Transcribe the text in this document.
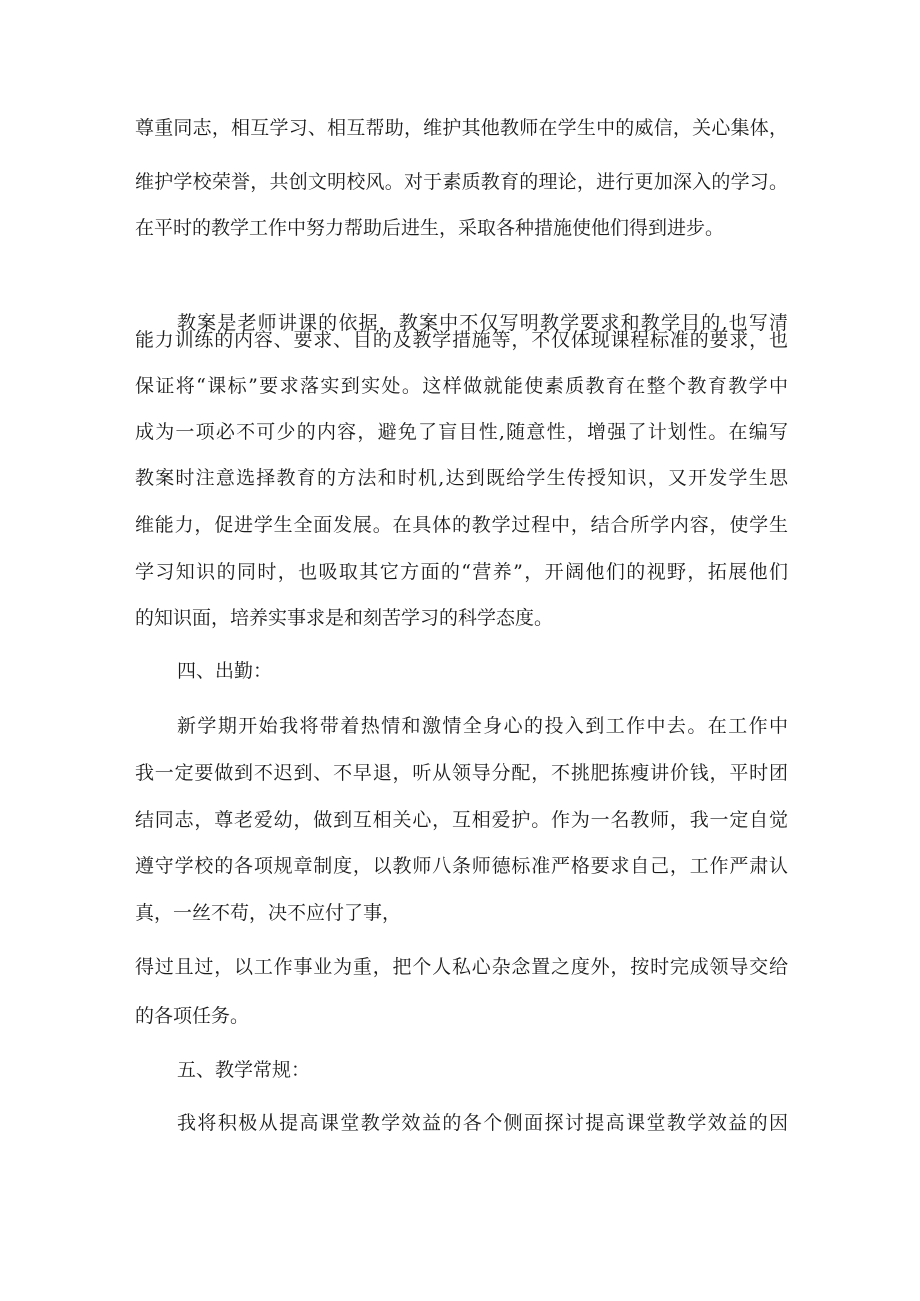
尊重同志，相互学习、相互帮助，维护其他教师在学生中的威信，关心集体，

维护学校荣誉，共创文明校风。对于素质教育的理论，进行更加深入的学习。

在平时的教学工作中努力帮助后进生，采取各种措施使他们得到进步。

教案是老师讲课的依据，教案中不仅写明教学要求和教学目的,也写清

能力训练的内容、要求、目的及教学措施等，不仅体现课程标准的要求，也

保证将“课标”要求落实到实处。这样做就能使素质教育在整个教育教学中

成为一项必不可少的内容，避免了盲目性,随意性，增强了计划性。在编写

教案时注意选择教育的方法和时机,达到既给学生传授知识，又开发学生思

维能力，促进学生全面发展。在具体的教学过程中，结合所学内容，使学生

学习知识的同时，也吸取其它方面的“营养”，开阔他们的视野，拓展他们

的知识面，培养实事求是和刻苦学习的科学态度。

四、出勤：

新学期开始我将带着热情和激情全身心的投入到工作中去。在工作中

我一定要做到不迟到、不早退，听从领导分配，不挑肥拣瘦讲价钱，平时团

结同志，尊老爱幼，做到互相关心，互相爱护。作为一名教师，我一定自觉

遵守学校的各项规章制度，以教师八条师德标准严格要求自己，工作严肃认

真，一丝不苟，决不应付了事，

得过且过，以工作事业为重，把个人私心杂念置之度外，按时完成领导交给

的各项任务。

五、教学常规：

我将积极从提高课堂教学效益的各个侧面探讨提高课堂教学效益的因
